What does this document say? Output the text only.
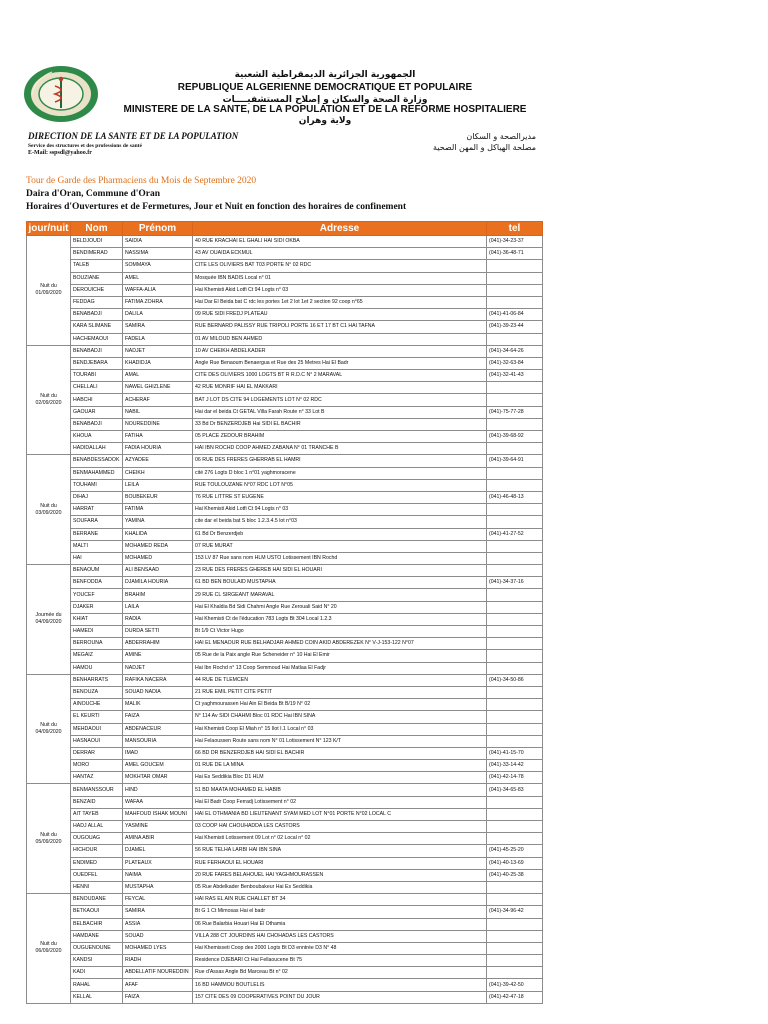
الجمهورية الجزائرية الديمقراطية الشعبية
REPUBLIQUE ALGERIENNE DEMOCRATIQUE ET POPULAIRE
وزارة الصحة والسكان و إصلاح المستشفيــــات
MINISTERE DE LA SANTE, DE LA POPULATION ET DE LA REFORME HOSPITALIERE
ولاية وهران
DIRECTION DE LA SANTE ET DE LA POPULATION
Service des structures et des professions de santé
E-Mail: sspsdl@yahoo.fr
مديرالصحة و السكان
مصلحة الهياكل و المهن الصحية
Tour de Garde des Pharmaciens du Mois de Septembre 2020
Daira d'Oran, Commune d'Oran
Horaires d'Ouvertures et de Fermetures, Jour et Nuit en fonction des horaires de confinement
jour/nuit	Nom	Prénom	Adresse	tel
Nuit du 01/09/2020	BELDJOUDI	SAIDIA	40 RUE KRACHAI EL GHALI HAI SIDI OKBA	(041)-34-23-37
	BENDIMERAD	NASSIMA	43 AV OUAIDA ECKMUL	(041)-36-48-71
	TALEB	SOMMAYA	CITE LES OLIVIERS BAT T03 PORTE N° 02 RDC	
	BOUZIANE	AMEL	Mosquée IBN BADIS Local n° 01	
	DEROUICHE	WAFFA-ALIA	Hai Khemisti Akid Lotfi Ct 94 Logts n° 03	
	FEDDAG	FATIMA ZOHRA	Hai Dar El Beida bat C rdc les portes 1et 2 lot 1et 2 section 92 coop n°65	
	BENABADJI	DALILA	09 RUE SIDI FREDJ PLATEAU	(041)-41-06-84
	KARA SLIMANE	SAMIRA	RUE BERNARD PALISSY RUE TRIPOLI PORTE 16 ET 17 BT C1 HAI TAFNA	(041)-39-23-44
	HACHEMAOUI	FADELA	01 AV MILOUD BEN AHMED	
Nuit du 02/09/2020	BENABADJI	NADJET	10 AV CHEIKH ABDELKADER	(041)-34-64-26
	BENDJEBARA	KHADIDJA	Angle Rue Benaoum Benaergua et Rue des 25 Metres Hai El Badr	(041)-32-63-84
	TOURABI	AMAL	CITE DES OLIVIERS 1000 LOGTS BT R R.D.C N° 2 MARAVAL	(041)-32-41-43
	CHELLALI	NAWEL GHIZLENE	42 RUE MONRIF HAI EL MAKKARI	
	HABCHI	ACHERAF	BAT J LOT DS CITE 94 LOGEMENTS LOT N° 02 RDC	
	GAOUAR	NABIL	Hai dar el beida Ct GETAL Villa Farah Route n° 33 Lot B	(041)-75-77-28
	BENABADJI	NOUREDDINE	33 Bd Dr BENZERDJEB Hai SIDI EL BACHIR	
	KHOUA	FATIHA	05 PLACE ZEDOUR BRAHIM	(041)-39-68-92
	HADIDALLAH	FADIA HOURIA	HAI IBN ROCHD COOP AHMED ZABANA N° 01 TRANCHE B	
Nuit du 03/09/2020	BENABDESSADOK	AZYADEE	06 RUE DES FRERES GHERRAB EL HAMRI	(041)-39-64-91
	BENMAHAMMED	CHEIKH	cité 276 Logts D bloc 1 n°01 yaghmoracene	
	TOUHAMI	LEILA	RUE TOULOUZANE N°07 RDC LOT N°05	
	DIHAJ	BOUBEKEUR	76 RUE LITTRE ST EUGENE	(041)-46-48-13
	HARRAT	FATIMA	Hai Khemisti Akid Lotfi Ct 94 Logts n° 03	
	SOUFARA	YAMINA	cite dar el beida bat S bloc 1.2.3.4.5 lot n°03	
	BERRANE	KHALIDA	61 Bd Dr Benzerdjeb	(041)-41-27-52
	MALTI	MOHAMED REDA	07 RUE MURAT	
	HAI	MOHAMED	153 LV 87 Rue sans nom HLM USTO Lotissement IBN Rochd	
Journée du 04/09/2020	BENAOUM	ALI BENSAAD	23 RUE DES FRERES GHEREB HAI SIDI EL HOUARI	
	BENFODDA	DJAMILA HOURIA	61 BD BEN BOULAID MUSTAPHA	(041)-34-37-16
	YOUCEF	BRAHIM	29 RUE CL SIRGEANT MARAVAL	
	DJAKER	LAILA	Hai El Khaldia Bd Sidi Chahmi Angle Rue Zerouali Said N° 20	
	KHIAT	RADIA	Hai Khemisti Ct de l'éducation 783 Logts Bt 304 Local 1.2.3	
	HAMEDI	DURDA SETTI	Bt 1/9 Ct Victor Hugo	
	BERROUNA	ABDERRAHIM	HAI EL MENAOUR RUE BELHADJAR AHMED COIN AKID ABDEREZEK N° V-J-153-122 N°07	
	MEGAIZ	AMINE	05 Rue de la Paix angle Rue Scheneider n° 10 Hai El Emir	
	HAMOU	NADJET	Hai Ibn Rochd n° 13 Coop Semmoud Hai Matlaa El Fadjr	
Nuit du 04/09/2020	BENHARRATS	RAFIKA NACERA	44 RUE DE TLEMCEN	(041)-34-50-86
	BENOUZA	SOUAD NADIA	21 RUE EMIL PETIT CITE PETIT	
	AINOUCHE	MALIK	Ct yaghmourassen Hai Ain El Beida Bt B/19 N° 02	
	EL KEURTI	FAIZA	N° 114 Av SIDI CHAHMI Bloc 01 RDC Hai IBN SINA	
	MEHDAOUI	ABDENACEUR	Hai Khemisti Coop El Miah n° 15 Ilot I.1 Local n° 03	
	HASNAOUI	MANSOURIA	Hai Felaoussen Route sans nom N° 01 Lotissement N° 123 K/T	
	DERRAR	IMAD	66 BD DR BENZERDJEB HAI SIDI EL BACHIR	(041)-41-15-70
	MORO	AMEL GOUCEM	01 RUE DE LA MINA	(041)-33-14-42
	HANTAZ	MOKHTAR OMAR	Hai Es Seddikia Bloc D1 HLM	(041)-42-14-78
Nuit du 05/09/2020	BENMANSSOUR	HIND	51 BD MAATA MOHAMED EL HABIB	(041)-34-65-83
	BENZAID	WAFAA	Hai El Badr Coop Ferradj Lotissement n° 02	
	AIT TAYEB	MAHFOUD ISHAK MOUNI	HAI EL OTHMANIA BD LIEUTENANT SYAM MED LOT N°01 PORTE N°02 LOCAL C	
	HADJ ALLAL	YASMINE	03 COOP HAI CHOUHADDA LES CASTORS	
	OUGOUAG	AMINA ABIR	Hai Khemisti Lotissement 09 Lot n° 02 Local n° 02	
	HICHOUR	DJAMEL	56 RUE TELHA LARBI HAI IBN SINA	(041)-45-25-20
	ENDIMED	PLATEAUX	RUE FERHAOUI EL HOUARI	(041)-40-13-69
	OUEDFEL	NAIMA	20 RUE FARES BELAHOUEL HAI YAGHMOURASSEN	(041)-40-25-38
	HENNI	MUSTAPHA	05 Rue Abdelkader Benboubakeur Hai Es Seddikia	
Nuit du 06/09/2020	BENOUDANE	FEYCAL	HAI RAS EL AIN RUE CHALLET BT 34	
	BETKAOUI	SAMIRA	Bt G 1 Ct Mimosas Hai el badr	(041)-34-96-42
	BELBACHIR	ASSIA	06 Rue Balarbia Houari Hai El Othamia	
	HAMDANE	SOUAD	VILLA 288 CT JOURDINS HAI CHOHADAS LES CASTORS	
	OUGUENOUNE	MOHAMED LYES	Hai Khemisseti Coop des 2000 Logts Bt D3 enntrée D3 N° 48	
	KANDSI	RIADH	Residence DJEBARI Ct Hai Fellaoucene Bt 75	
	KADI	ABDELLATIF NOUREDDIN	Rue d'Assas Angle Bd Marceau Bt n° 02	
	RAHAL	AFAF	16 BD HAMMOU BOUTLELIS	(041)-39-42-50
	KELLAL	FAIZA	157 CITE DES 09 COOPERATIVES POINT DU JOUR	(041)-42-47-18
